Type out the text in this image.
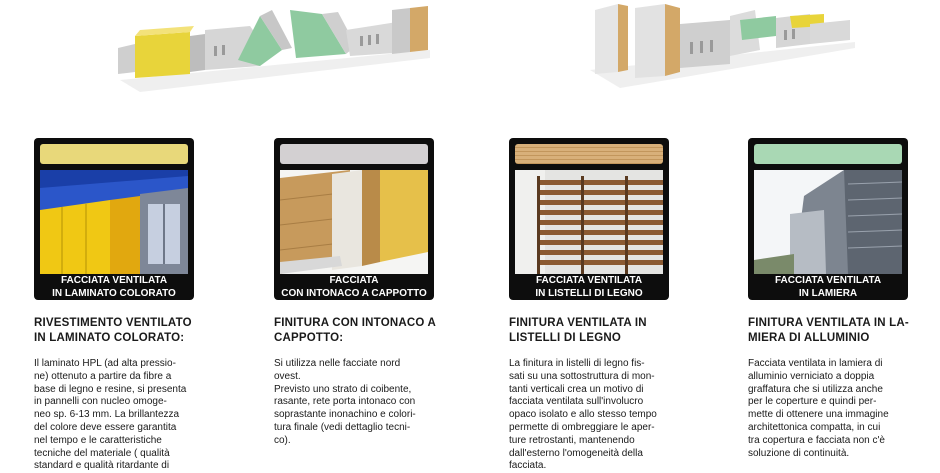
FACCIATA VENTILATA
IN LAMINATO COLORATO
FACCIATA
CON INTONACO A CAPPOTTO
FACCIATA VENTILATA
IN LISTELLI DI LEGNO
FACCIATA VENTILATA
IN LAMIERA

RIVESTIMENTO VENTILATO
IN LAMINATO COLORATO:

Il laminato HPL (ad alta pressio-
ne) ottenuto a partire da fibre a
base di legno e resine, si presenta
in pannelli con nucleo omoge-
neo sp. 6-13 mm. La brillantezza
del colore deve essere garantita
nel tempo e le caratteristiche
tecniche del materiale ( qualità
standard e qualità ritardante di

FINITURA CON INTONACO A
CAPPOTTO:

Si utilizza nelle facciate nord
ovest.
Previsto uno strato di coibente,
rasante, rete porta intonaco con
soprastante inonachino e colori-
tura finale (vedi dettaglio tecni-
co).

FINITURA VENTILATA IN
LISTELLI DI LEGNO

La finitura in listelli di legno fis-
sati su una sottostruttura di mon-
tanti verticali crea un motivo di
facciata ventilata sull'involucro
opaco isolato e allo stesso tempo
permette di ombreggiare le aper-
ture retrostanti, mantenendo
dall'esterno l'omogeneità della
facciata.

FINITURA VENTILATA IN LA-
MIERA DI ALLUMINIO

Facciata ventilata in lamiera di
alluminio verniciato a doppia
graffatura che si utilizza anche
per le coperture e quindi per-
mette di ottenere una immagine
architettonica compatta, in cui
tra copertura e facciata non c'è
soluzione di continuità.
